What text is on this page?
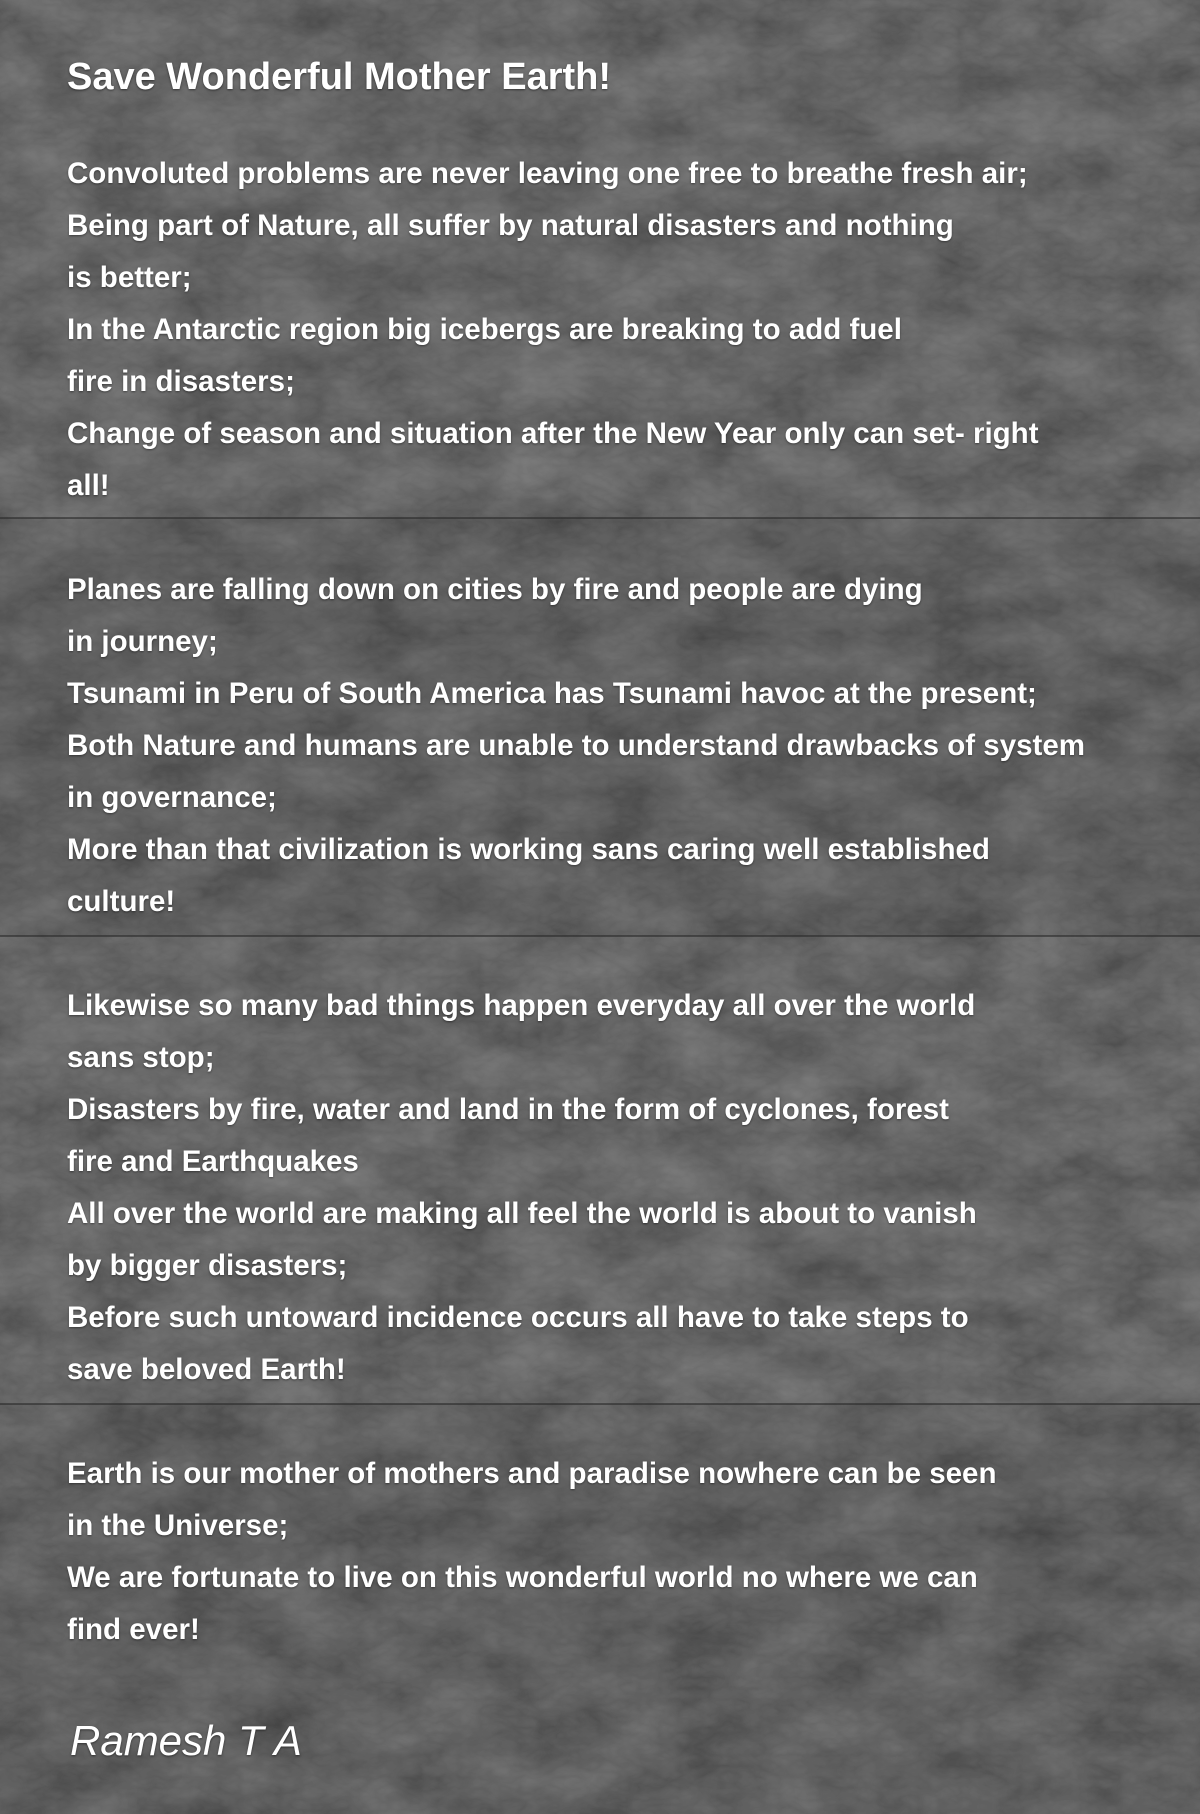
Save Wonderful Mother Earth!
Convoluted problems are never leaving one free to breathe fresh air;
Being part of Nature, all suffer by natural disasters and nothing
is better;
In the Antarctic region big icebergs are breaking to add fuel
fire in disasters;
Change of season and situation after the New Year only can set- right
all!
Planes are falling down on cities by fire and people are dying
in journey;
Tsunami in Peru of South America has Tsunami havoc at the present;
Both Nature and humans are unable to understand drawbacks of system
in governance;
More than that civilization is working sans caring well established
culture!
Likewise so many bad things happen everyday all over the world
sans stop;
Disasters by fire, water and land in the form of cyclones, forest
fire and Earthquakes
All over the world are making all feel the world is about to vanish
by bigger disasters;
Before such untoward incidence occurs all have to take steps to
save beloved Earth!
Earth is our mother of mothers and paradise nowhere can be seen
in the Universe;
We are fortunate to live on this wonderful world no where we can
find ever!
Ramesh T A
